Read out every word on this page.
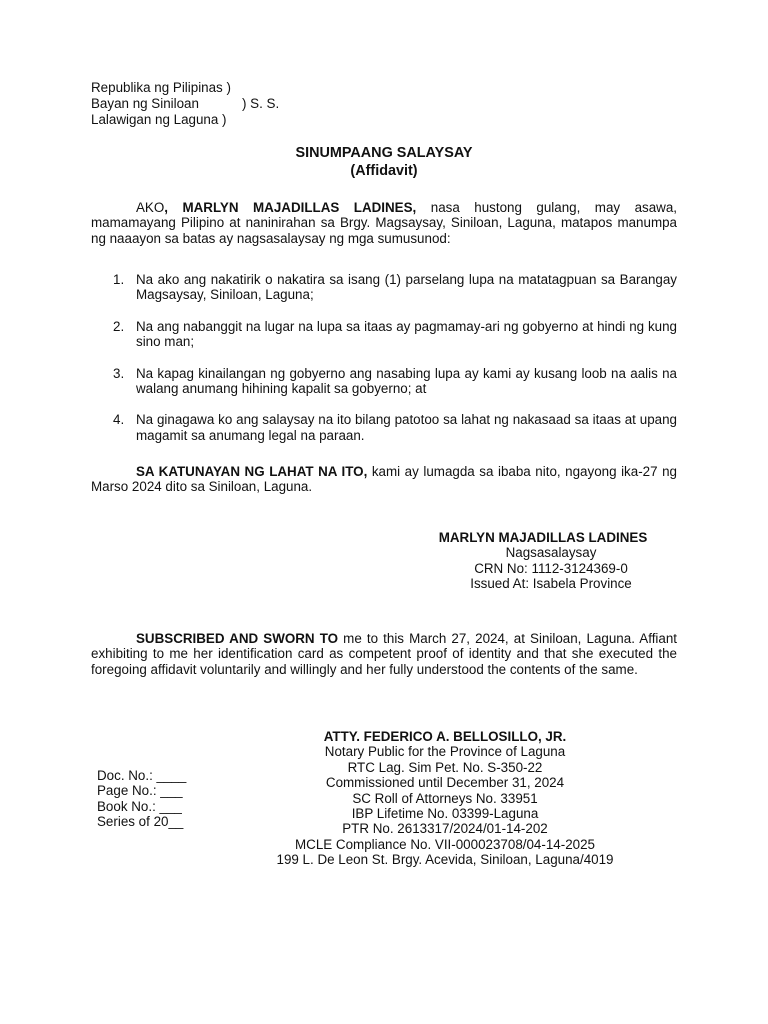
Republika ng Pilipinas )
Bayan ng Siniloan	) S. S.
Lalawigan ng Laguna )
SINUMPAANG SALAYSAY
(Affidavit)
AKO, MARLYN MAJADILLAS LADINES, nasa hustong gulang, may asawa, mamamayang Pilipino at naninirahan sa Brgy. Magsaysay, Siniloan, Laguna, matapos manumpa ng naaayon sa batas ay nagsasalaysay ng mga sumusunod:
1. Na ako ang nakatirik o nakatira sa isang (1) parselang lupa na matatagpuan sa Barangay Magsaysay, Siniloan, Laguna;
2. Na ang nabanggit na lugar na lupa sa itaas ay pagmamay-ari ng gobyerno at hindi ng kung sino man;
3. Na kapag kinailangan ng gobyerno ang nasabing lupa ay kami ay kusang loob na aalis na walang anumang hihining kapalit sa gobyerno; at
4. Na ginagawa ko ang salaysay na ito bilang patotoo sa lahat ng nakasaad sa itaas at upang magamit sa anumang legal na paraan.
SA KATUNAYAN NG LAHAT NA ITO, kami ay lumagda sa ibaba nito, ngayong ika-27 ng Marso 2024 dito sa Siniloan, Laguna.
MARLYN MAJADILLAS LADINES
Nagsasalaysay
CRN No: 1112-3124369-0
Issued At: Isabela Province
SUBSCRIBED AND SWORN TO me to this March 27, 2024, at Siniloan, Laguna. Affiant exhibiting to me her identification card as competent proof of identity and that she executed the foregoing affidavit voluntarily and willingly and her fully understood the contents of the same.
ATTY. FEDERICO A. BELLOSILLO, JR.
Notary Public for the Province of Laguna
RTC Lag. Sim Pet. No. S-350-22
Commissioned until December 31, 2024
SC Roll of Attorneys No. 33951
IBP Lifetime No. 03399-Laguna
PTR No. 2613317/2024/01-14-202
MCLE Compliance No. VII-000023708/04-14-2025
199 L. De Leon St. Brgy. Acevida, Siniloan, Laguna/4019
Doc. No.: ____
Page No.: ___
Book No.: ___
Series of 20__
